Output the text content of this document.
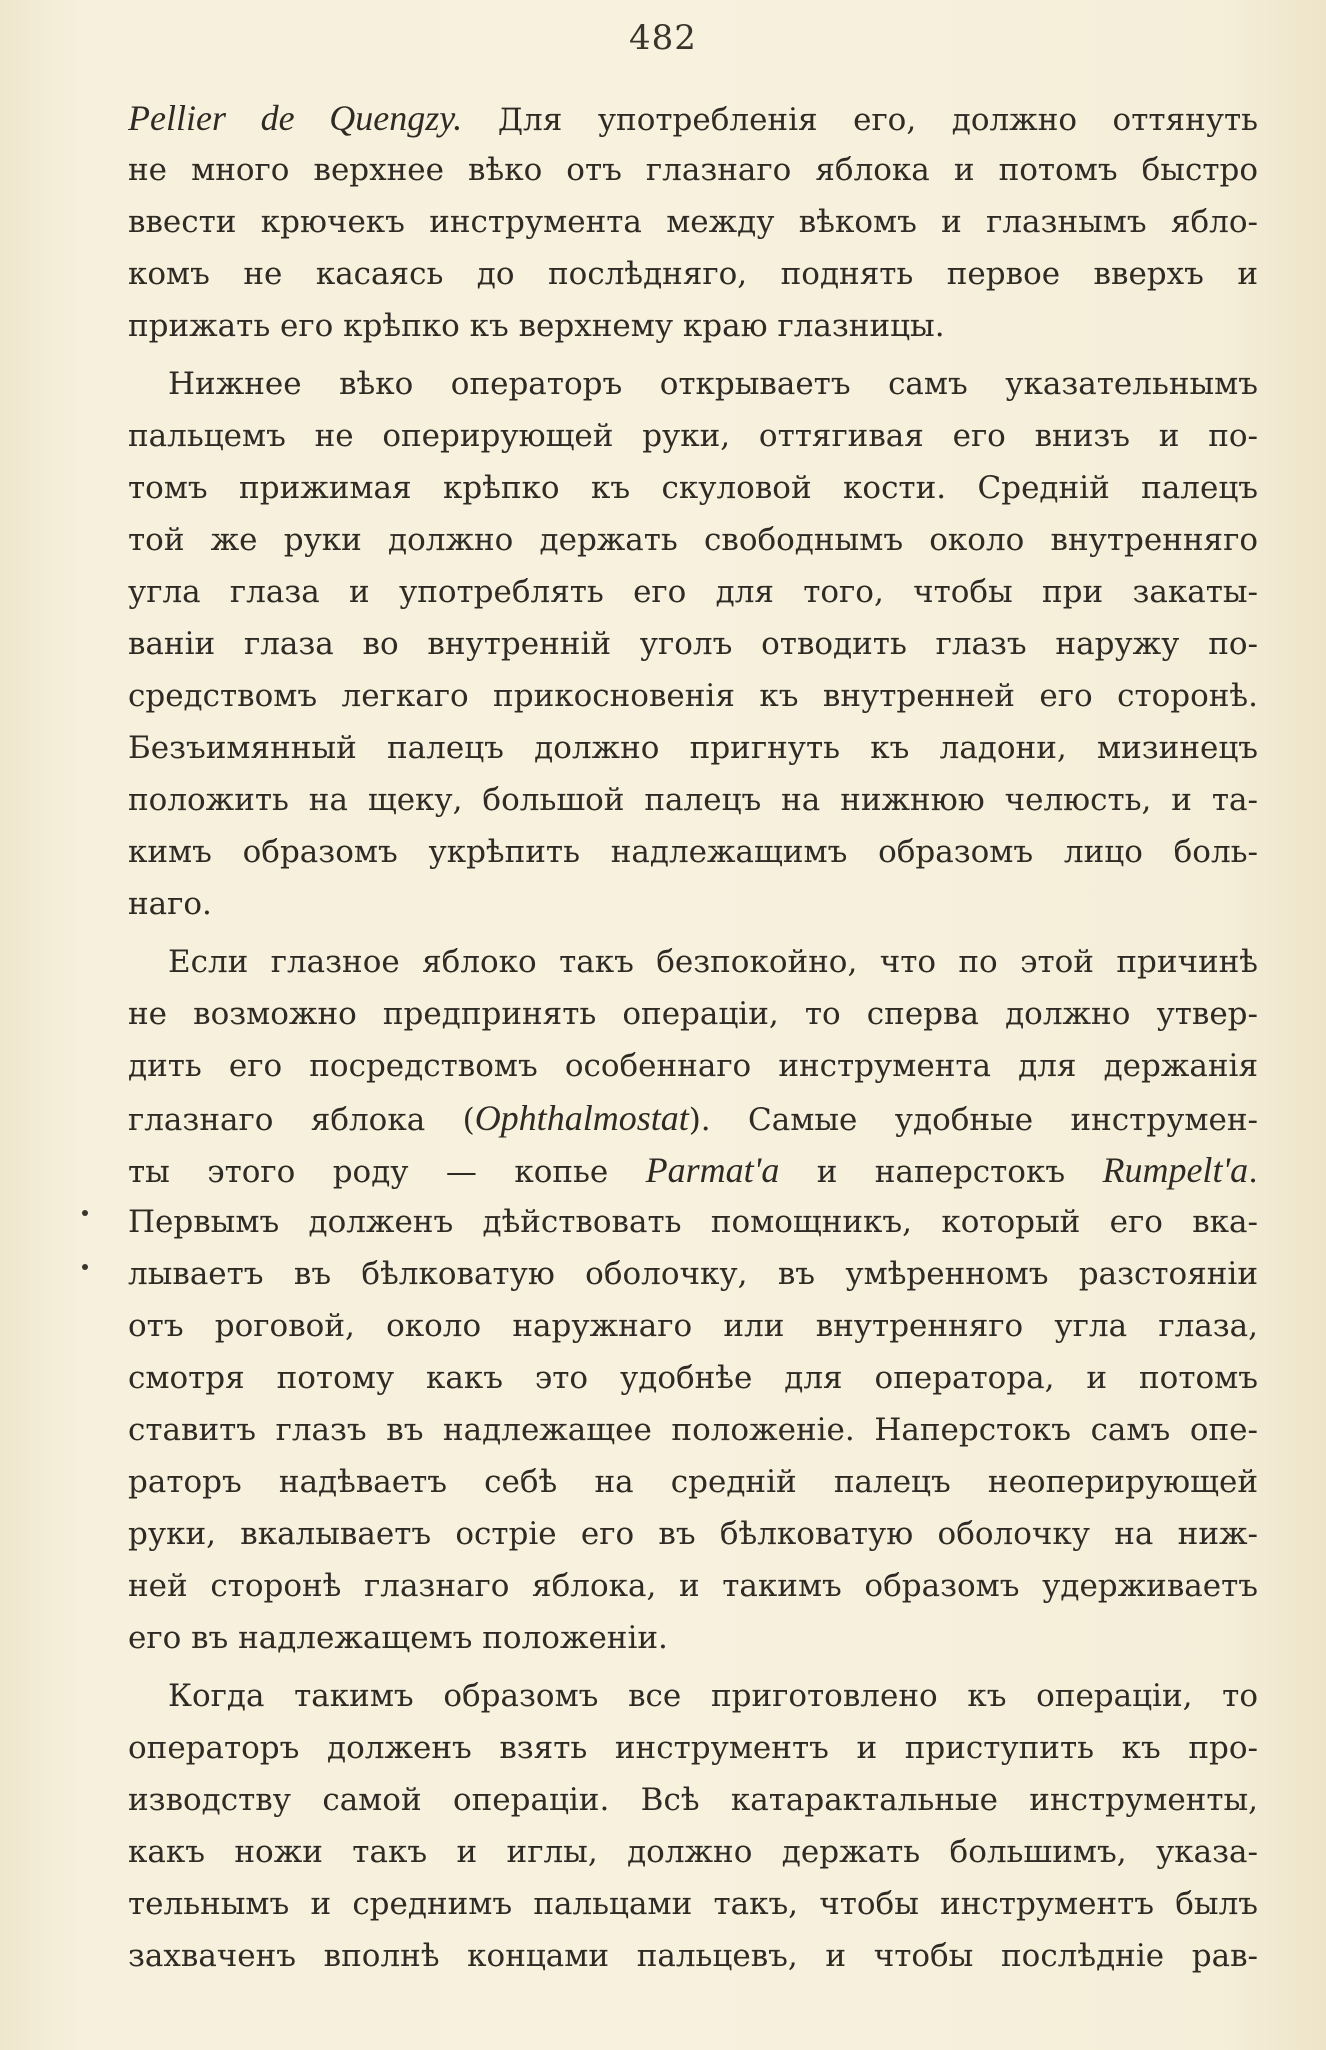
482
Pellier de Quengzy. Для употребленія его, должно оттянуть
не много верхнее вѣко отъ глазнаго яблока и потомъ быстро
ввести крючекъ инструмента между вѣкомъ и глазнымъ ябло-
комъ не касаясь до послѣдняго, поднять первое вверхъ и
прижать его крѣпко къ верхнему краю глазницы.
Нижнее вѣко операторъ открываетъ самъ указательнымъ
пальцемъ не оперирующей руки, оттягивая его внизъ и по-
томъ прижимая крѣпко къ скуловой кости. Средній палецъ
той же руки должно держать свободнымъ около внутренняго
угла глаза и употреблять его для того, чтобы при закаты-
ваніи глаза во внутренній уголъ отводить глазъ наружу по-
средствомъ легкаго прикосновенія къ внутренней его сторонѣ.
Безъимянный палецъ должно пригнуть къ ладони, мизинецъ
положить на щеку, большой палецъ на нижнюю челюсть, и та-
кимъ образомъ укрѣпить надлежащимъ образомъ лицо боль-
наго.
Если глазное яблоко такъ безпокойно, что по этой причинѣ
не возможно предпринять операціи, то сперва должно утвер-
дить его посредствомъ особеннаго инструмента для держанія
глазнаго яблока (Ophthalmostat). Самые удобные инструмен-
ты этого роду — копье Parmat'a и наперстокъ Rumpelt'a.
Первымъ долженъ дѣйствовать помощникъ, который его вка-
лываетъ въ бѣлковатую оболочку, въ умѣренномъ разстояніи
отъ роговой, около наружнаго или внутренняго угла глаза,
смотря потому какъ это удобнѣе для оператора, и потомъ
ставитъ глазъ въ надлежащее положеніе. Наперстокъ самъ опе-
раторъ надѣваетъ себѣ на средній палецъ неоперирующей
руки, вкалываетъ остріе его въ бѣлковатую оболочку на ниж-
ней сторонѣ глазнаго яблока, и такимъ образомъ удерживаетъ
его въ надлежащемъ положеніи.
Когда такимъ образомъ все приготовлено къ операціи, то
операторъ долженъ взять инструментъ и приступить къ про-
изводству самой операціи. Всѣ катарактальные инструменты,
какъ ножи такъ и иглы, должно держать большимъ, указа-
тельнымъ и среднимъ пальцами такъ, чтобы инструментъ былъ
захваченъ вполнѣ концами пальцевъ, и чтобы послѣдніе рав-
